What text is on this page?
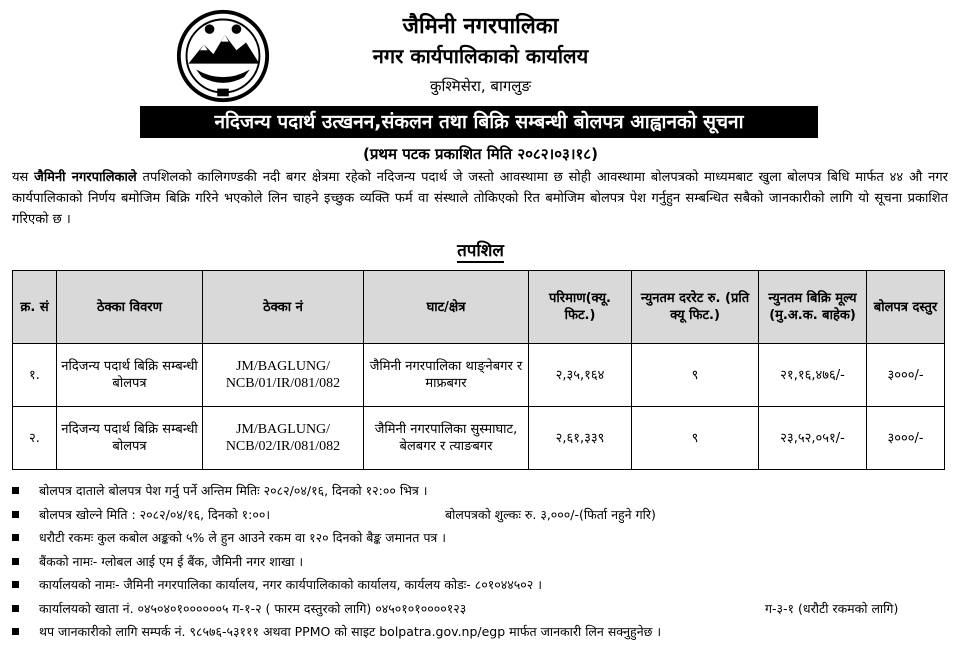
जैमिनी नगरपालिका
नगर कार्यपालिकाको कार्यालय
कुश्मिसेरा, बागलुङ
नदिजन्य पदार्थ उत्खनन,संकलन तथा बिक्रि सम्बन्धी बोलपत्र आह्वानको सूचना
(प्रथम पटक प्रकाशित मिति २०८२।०३।१८)
यस जैमिनी नगरपालिकाले तपशिलको कालिगण्डकी नदी बगर क्षेत्रमा रहेको नदिजन्य पदार्थ जे जस्तो आवस्थामा छ सोही आवस्थामा बोलपत्रको माध्यमबाट खुला बोलपत्र बिधि मार्फत ४४ औ नगर कार्यपालिकाको निर्णय बमोजिम बिक्रि गरिने भएकोले लिन चाहने इच्छुक व्यक्ति फर्म वा संस्थाले तोकिएको रित बमोजिम बोलपत्र पेश गर्नुहुन सम्बन्धित सबैको जानकारीको लागि यो सूचना प्रकाशित गरिएको छ ।
तपशिल
क्र. सं	ठेक्का विवरण	ठेक्का नं	घाट/क्षेत्र	परिमाण(क्यू. फिट.)	न्युनतम दररेट रु. (प्रति क्यू फिट.)	न्युनतम बिक्रि मूल्य (मु.अ.क. बाहेक)	बोलपत्र दस्तुर
१.	नदिजन्य पदार्थ बिक्रि सम्बन्धी बोलपत्र	JM/BAGLUNG/ NCB/01/IR/081/082	जैमिनी नगरपालिका थाङ्नेबगर र माफ्रबगर	२,३५,१६४	९	२१,१६,४७६/-	३०००/-
२.	नदिजन्य पदार्थ बिक्रि सम्बन्धी बोलपत्र	JM/BAGLUNG/ NCB/02/IR/081/082	जैमिनी नगरपालिका सुस्माघाट, बेलबगर र त्याङबगर	२,६१,३३९	९	२३,५२,०५१/-	३०००/-
बोलपत्र दाताले बोलपत्र पेश गर्नु पर्ने अन्तिम मितिः २०८२/०४/१६, दिनको १२:०० भित्र ।
बोलपत्र खोल्ने मिति : २०८२/०४/१६, दिनको १:००।	बोलपत्रको शुल्कः रु. ३,०००/-(फिर्ता नहुने गरि)
धरौटी रकमः कुल कबोल अङ्कको ५% ले हुन आउने रकम वा १२० दिनको बैङ्क जमानत पत्र ।
बैंकको नामः- ग्लोबल आई एम ई बैंक, जैमिनी नगर शाखा ।
कार्यालयको नामः- जैमिनी नगरपालिका कार्यालय, नगर कार्यपालिकाको कार्यालय, कार्यलय कोडः- ८०१०४४५०२ ।
कार्यालयको खाता नं. ०४५०४०१००००००५ ग-१-२ ( फारम दस्तुरको लागि) ०४५०१०१००००१२३	ग-३-१ (धरौटी रकमको लागि)
थप जानकारीको लागि सम्पर्क नं. ९८५७६-५३१११ अथवा PPMO को साइट bolpatra.gov.np/egp मार्फत जानकारी लिन सक्नुहुनेछ ।
